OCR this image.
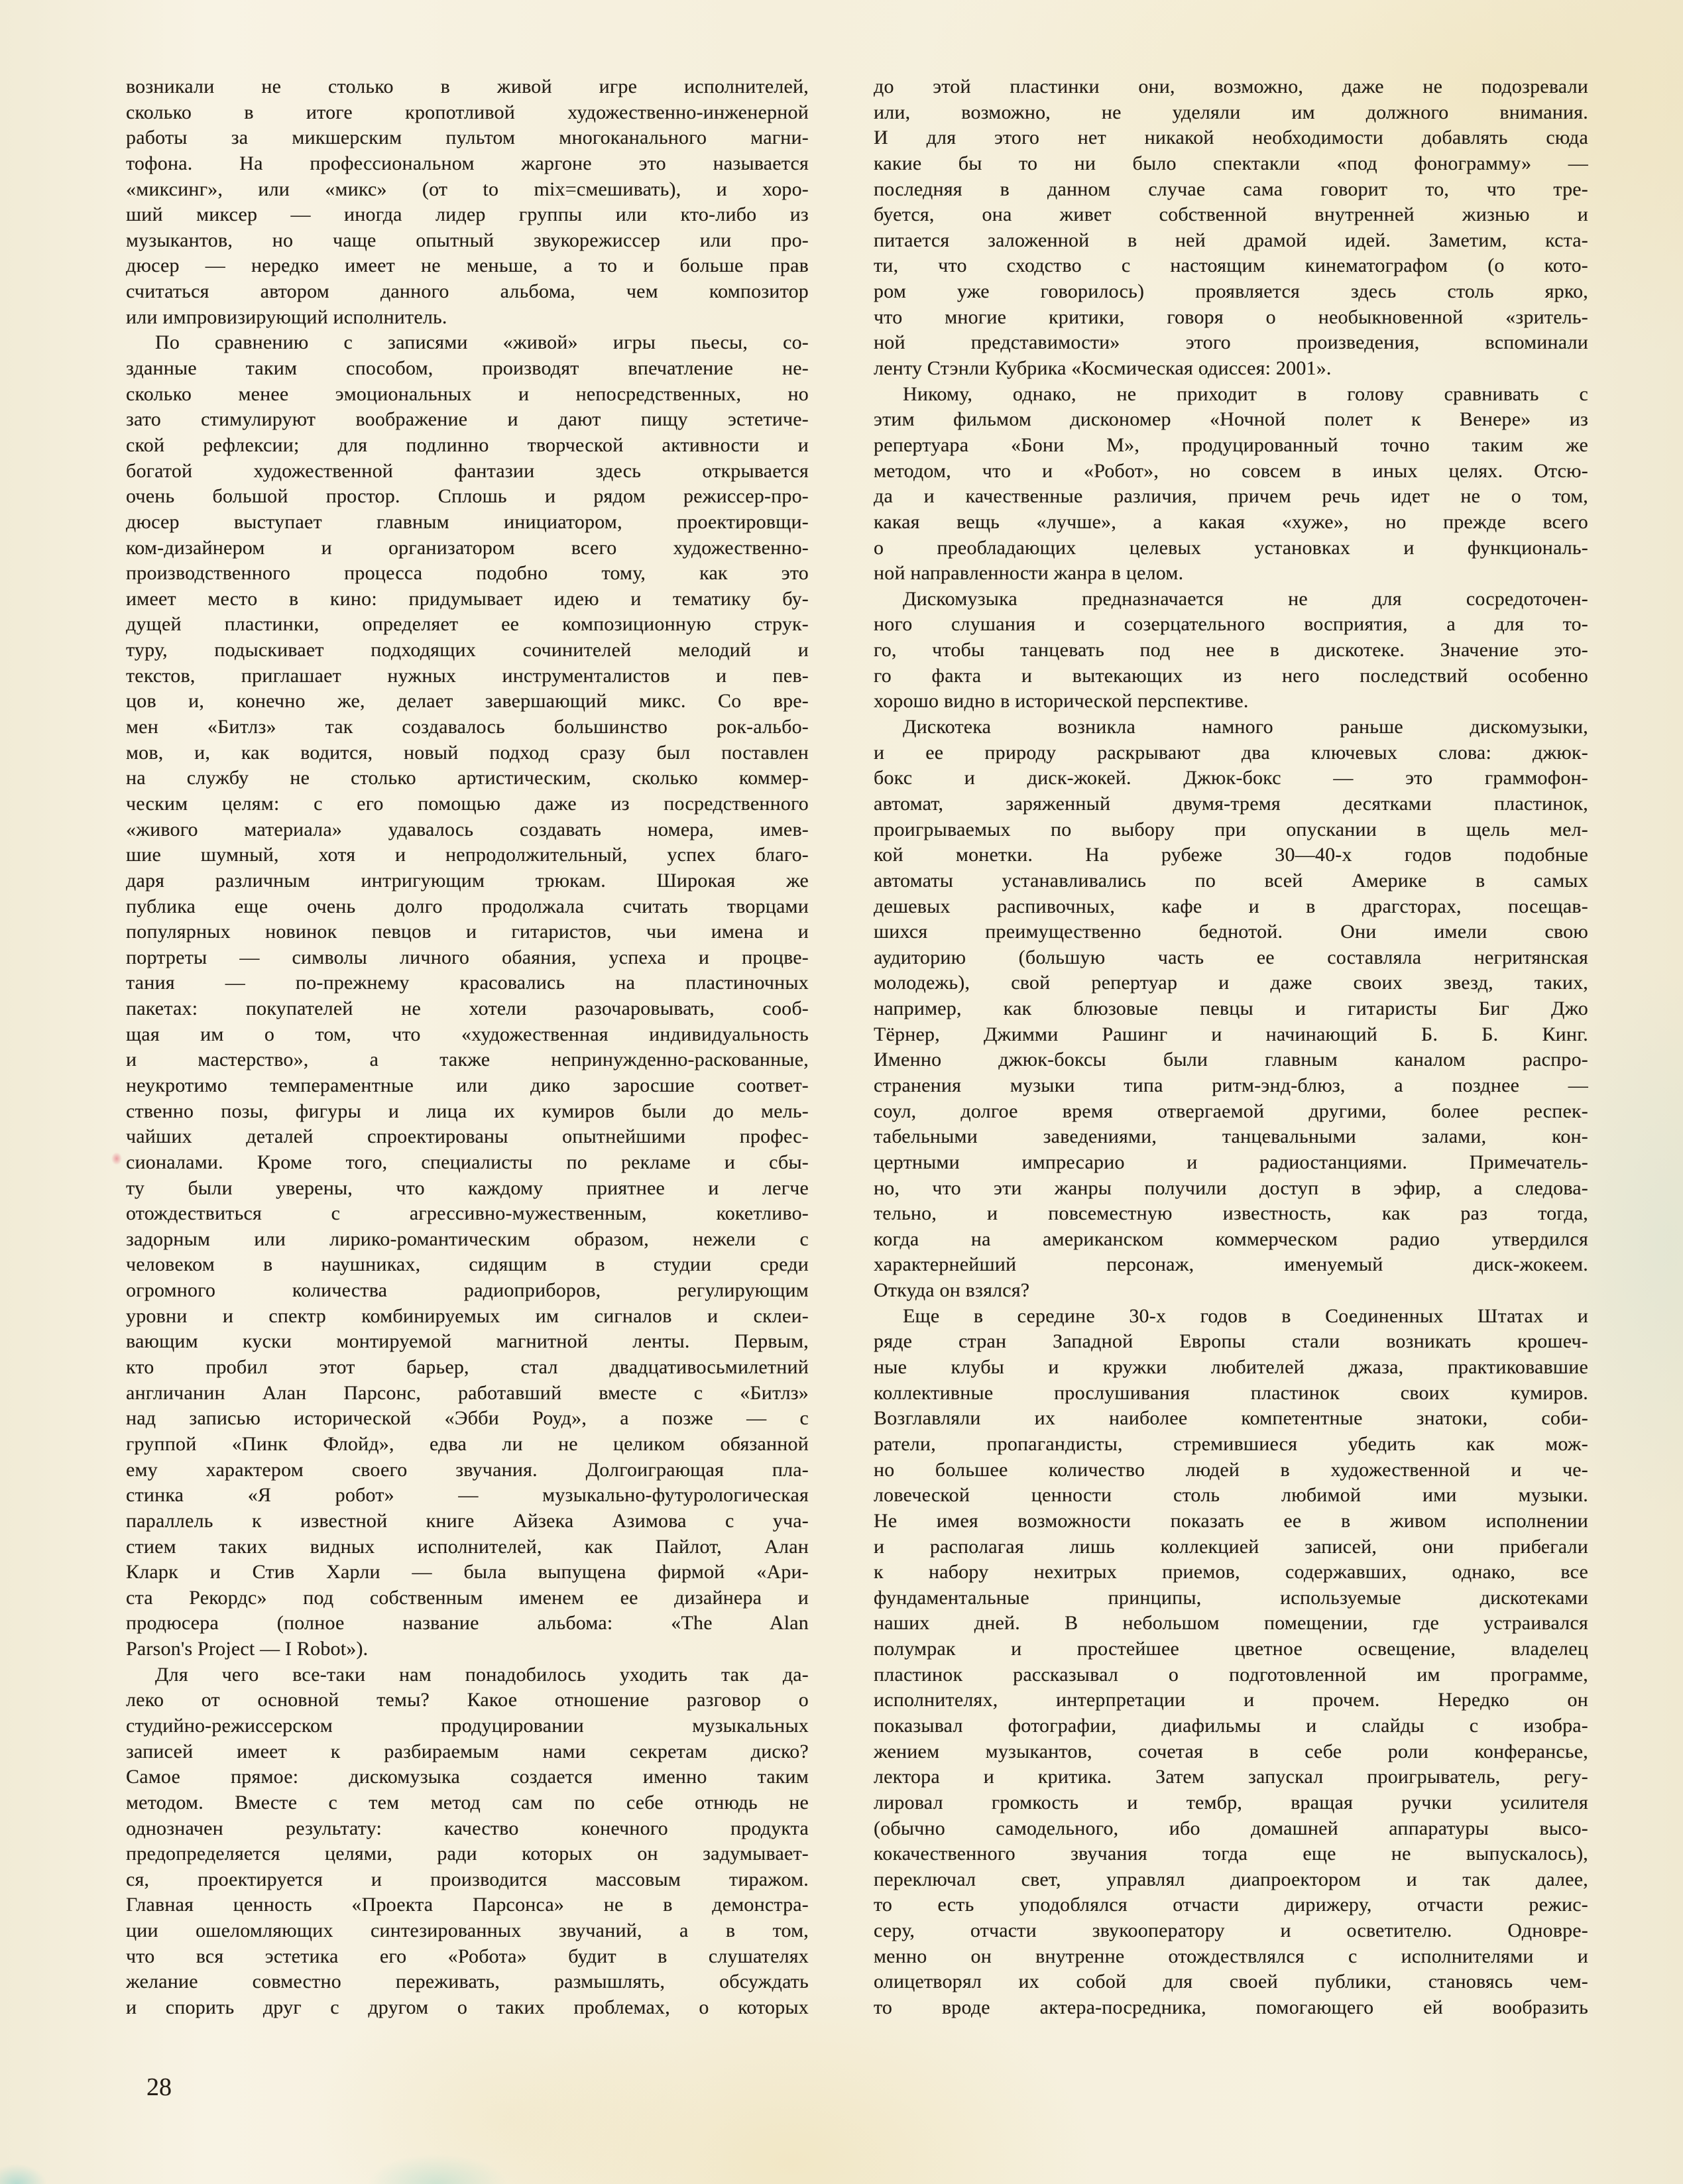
возникали не столько в живой игре исполнителей,
сколько в итоге кропотливой художественно-инженерной
работы за микшерским пультом многоканального магни-
тофона. На профессиональном жаргоне это называется
«миксинг», или «микс» (от to mix=смешивать), и хоро-
ший миксер — иногда лидер группы или кто-либо из
музыкантов, но чаще опытный звукорежиссер или про-
дюсер — нередко имеет не меньше, а то и больше прав
считаться автором данного альбома, чем композитор
или импровизирующий исполнитель.
По сравнению с записями «живой» игры пьесы, со-
зданные таким способом, производят впечатление не-
сколько менее эмоциональных и непосредственных, но
зато стимулируют воображение и дают пищу эстетиче-
ской рефлексии; для подлинно творческой активности и
богатой художественной фантазии здесь открывается
очень большой простор. Сплошь и рядом режиссер-про-
дюсер выступает главным инициатором, проектировщи-
ком-дизайнером и организатором всего художественно-
производственного процесса подобно тому, как это
имеет место в кино: придумывает идею и тематику бу-
дущей пластинки, определяет ее композиционную струк-
туру, подыскивает подходящих сочинителей мелодий и
текстов, приглашает нужных инструменталистов и пев-
цов и, конечно же, делает завершающий микс. Со вре-
мен «Битлз» так создавалось большинство рок-альбо-
мов, и, как водится, новый подход сразу был поставлен
на службу не столько артистическим, сколько коммер-
ческим целям: с его помощью даже из посредственного
«живого материала» удавалось создавать номера, имев-
шие шумный, хотя и непродолжительный, успех благо-
даря различным интригующим трюкам. Широкая же
публика еще очень долго продолжала считать творцами
популярных новинок певцов и гитаристов, чьи имена и
портреты — символы личного обаяния, успеха и процве-
тания — по-прежнему красовались на пластиночных
пакетах: покупателей не хотели разочаровывать, сооб-
щая им о том, что «художественная индивидуальность
и мастерство», а также непринужденно-раскованные,
неукротимо темпераментные или дико заросшие соответ-
ственно позы, фигуры и лица их кумиров были до мель-
чайших деталей спроектированы опытнейшими профес-
сионалами. Кроме того, специалисты по рекламе и сбы-
ту были уверены, что каждому приятнее и легче
отождествиться с агрессивно-мужественным, кокетливо-
задорным или лирико-романтическим образом, нежели с
человеком в наушниках, сидящим в студии среди
огромного количества радиоприборов, регулирующим
уровни и спектр комбинируемых им сигналов и склеи-
вающим куски монтируемой магнитной ленты. Первым,
кто пробил этот барьер, стал двадцативосьмилетний
англичанин Алан Парсонс, работавший вместе с «Битлз»
над записью исторической «Эбби Роуд», а позже — с
группой «Пинк Флойд», едва ли не целиком обязанной
ему характером своего звучания. Долгоиграющая пла-
стинка «Я робот» — музыкально-футурологическая
параллель к известной книге Айзека Азимова с уча-
стием таких видных исполнителей, как Пайлот, Алан
Кларк и Стив Харли — была выпущена фирмой «Ари-
ста Рекордс» под собственным именем ее дизайнера и
продюсера (полное название альбома: «The Alan
Parson's Project — I Robot»).
Для чего все-таки нам понадобилось уходить так да-
леко от основной темы? Какое отношение разговор о
студийно-режиссерском продуцировании музыкальных
записей имеет к разбираемым нами секретам диско?
Самое прямое: дискомузыка создается именно таким
методом. Вместе с тем метод сам по себе отнюдь не
однозначен результату: качество конечного продукта
предопределяется целями, ради которых он задумывает-
ся, проектируется и производится массовым тиражом.
Главная ценность «Проекта Парсонса» не в демонстра-
ции ошеломляющих синтезированных звучаний, а в том,
что вся эстетика его «Робота» будит в слушателях
желание совместно переживать, размышлять, обсуждать
и спорить друг с другом о таких проблемах, о которых
до этой пластинки они, возможно, даже не подозревали
или, возможно, не уделяли им должного внимания.
И для этого нет никакой необходимости добавлять сюда
какие бы то ни было спектакли «под фонограмму» —
последняя в данном случае сама говорит то, что тре-
буется, она живет собственной внутренней жизнью и
питается заложенной в ней драмой идей. Заметим, кста-
ти, что сходство с настоящим кинематографом (о кото-
ром уже говорилось) проявляется здесь столь ярко,
что многие критики, говоря о необыкновенной «зритель-
ной представимости» этого произведения, вспоминали
ленту Стэнли Кубрика «Космическая одиссея: 2001».
Никому, однако, не приходит в голову сравнивать с
этим фильмом дискономер «Ночной полет к Венере» из
репертуара «Бони М», продуцированный точно таким же
методом, что и «Робот», но совсем в иных целях. Отсю-
да и качественные различия, причем речь идет не о том,
какая вещь «лучше», а какая «хуже», но прежде всего
о преобладающих целевых установках и функциональ-
ной направленности жанра в целом.
Дискомузыка предназначается не для сосредоточен-
ного слушания и созерцательного восприятия, а для то-
го, чтобы танцевать под нее в дискотеке. Значение это-
го факта и вытекающих из него последствий особенно
хорошо видно в исторической перспективе.
Дискотека возникла намного раньше дискомузыки,
и ее природу раскрывают два ключевых слова: джюк-
бокс и диск-жокей. Джюк-бокс — это граммофон-
автомат, заряженный двумя-тремя десятками пластинок,
проигрываемых по выбору при опускании в щель мел-
кой монетки. На рубеже 30—40-х годов подобные
автоматы устанавливались по всей Америке в самых
дешевых распивочных, кафе и в драгсторах, посещав-
шихся преимущественно беднотой. Они имели свою
аудиторию (большую часть ее составляла негритянская
молодежь), свой репертуар и даже своих звезд, таких,
например, как блюзовые певцы и гитаристы Биг Джо
Тёрнер, Джимми Рашинг и начинающий Б. Б. Кинг.
Именно джюк-боксы были главным каналом распро-
странения музыки типа ритм-энд-блюз, а позднее —
соул, долгое время отвергаемой другими, более респек-
табельными заведениями, танцевальными залами, кон-
цертными импресарио и радиостанциями. Примечатель-
но, что эти жанры получили доступ в эфир, а следова-
тельно, и повсеместную известность, как раз тогда,
когда на американском коммерческом радио утвердился
характернейший персонаж, именуемый диск-жокеем.
Откуда он взялся?
Еще в середине 30-х годов в Соединенных Штатах и
ряде стран Западной Европы стали возникать крошеч-
ные клубы и кружки любителей джаза, практиковавшие
коллективные прослушивания пластинок своих кумиров.
Возглавляли их наиболее компетентные знатоки, соби-
ратели, пропагандисты, стремившиеся убедить как мож-
но большее количество людей в художественной и че-
ловеческой ценности столь любимой ими музыки.
Не имея возможности показать ее в живом исполнении
и располагая лишь коллекцией записей, они прибегали
к набору нехитрых приемов, содержавших, однако, все
фундаментальные принципы, используемые дискотеками
наших дней. В небольшом помещении, где устраивался
полумрак и простейшее цветное освещение, владелец
пластинок рассказывал о подготовленной им программе,
исполнителях, интерпретации и прочем. Нередко он
показывал фотографии, диафильмы и слайды с изобра-
жением музыкантов, сочетая в себе роли конферансье,
лектора и критика. Затем запускал проигрыватель, регу-
лировал громкость и тембр, вращая ручки усилителя
(обычно самодельного, ибо домашней аппаратуры высо-
кокачественного звучания тогда еще не выпускалось),
переключал свет, управлял диапроектором и так далее,
то есть уподоблялся отчасти дирижеру, отчасти режис-
серу, отчасти звукооператору и осветителю. Одновре-
менно он внутренне отождествлялся с исполнителями и
олицетворял их собой для своей публики, становясь чем-
то вроде актера-посредника, помогающего ей вообразить
28
